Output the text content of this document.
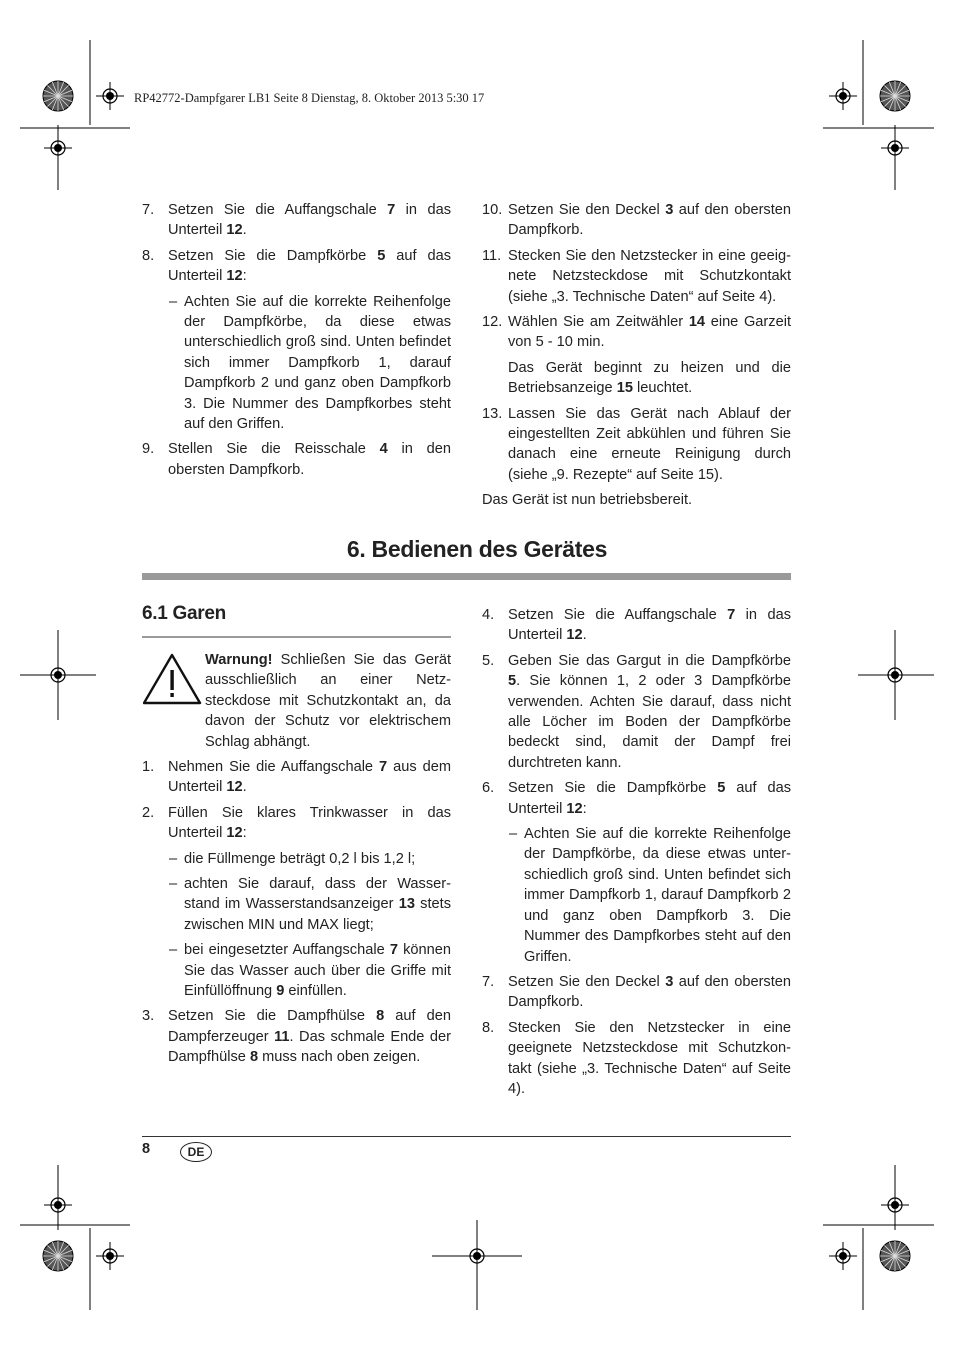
RP42772-Dampfgarer LB1 Seite 8 Dienstag, 8. Oktober 2013 5:30 17
7. Setzen Sie die Auffangschale 7 in das Unterteil 12.
8. Setzen Sie die Dampfkörbe 5 auf das Unterteil 12:
– Achten Sie auf die korrekte Reihenfolge der Dampfkörbe, da diese etwas unterschiedlich groß sind. Unten befindet sich immer Dampfkorb 1, darauf Dampfkorb 2 und ganz oben Dampfkorb 3. Die Nummer des Dampfkorbes steht auf den Griffen.
9. Stellen Sie die Reisschale 4 in den obersten Dampfkorb.
10. Setzen Sie den Deckel 3 auf den obersten Dampfkorb.
11. Stecken Sie den Netzstecker in eine geeignete Netzsteckdose mit Schutzkontakt (siehe „3. Technische Daten“ auf Seite 4).
12. Wählen Sie am Zeitwähler 14 eine Garzeit von 5 - 10 min.
Das Gerät beginnt zu heizen und die Betriebsanzeige 15 leuchtet.
13. Lassen Sie das Gerät nach Ablauf der eingestellten Zeit abkühlen und führen Sie danach eine erneute Reinigung durch (siehe „9. Rezepte“ auf Seite 15).
Das Gerät ist nun betriebsbereit.
6. Bedienen des Gerätes
6.1 Garen
Warnung! Schließen Sie das Gerät ausschließlich an einer Netzsteckdose mit Schutzkontakt an, da davon der Schutz vor elektrischem Schlag abhängt.
1. Nehmen Sie die Auffangschale 7 aus dem Unterteil 12.
2. Füllen Sie klares Trinkwasser in das Unterteil 12:
– die Füllmenge beträgt 0,2 l bis 1,2 l;
– achten Sie darauf, dass der Wasserstand im Wasserstandsanzeiger 13 stets zwischen MIN und MAX liegt;
– bei eingesetzter Auffangschale 7 können Sie das Wasser auch über die Griffe mit Einfüllöffnung 9 einfüllen.
3. Setzen Sie die Dampfhülse 8 auf den Dampferzeuger 11. Das schmale Ende der Dampfhülse 8 muss nach oben zeigen.
4. Setzen Sie die Auffangschale 7 in das Unterteil 12.
5. Geben Sie das Gargut in die Dampfkörbe 5. Sie können 1, 2 oder 3 Dampfkörbe verwenden. Achten Sie darauf, dass nicht alle Löcher im Boden der Dampfkörbe bedeckt sind, damit der Dampf frei durchtreten kann.
6. Setzen Sie die Dampfkörbe 5 auf das Unterteil 12:
– Achten Sie auf die korrekte Reihenfolge der Dampfkörbe, da diese etwas unterschiedlich groß sind. Unten befindet sich immer Dampfkorb 1, darauf Dampfkorb 2 und ganz oben Dampfkorb 3. Die Nummer des Dampfkorbes steht auf den Griffen.
7. Setzen Sie den Deckel 3 auf den obersten Dampfkorb.
8. Stecken Sie den Netzstecker in eine geeignete Netzsteckdose mit Schutzkontakt (siehe „3. Technische Daten“ auf Seite 4).
8	DE
